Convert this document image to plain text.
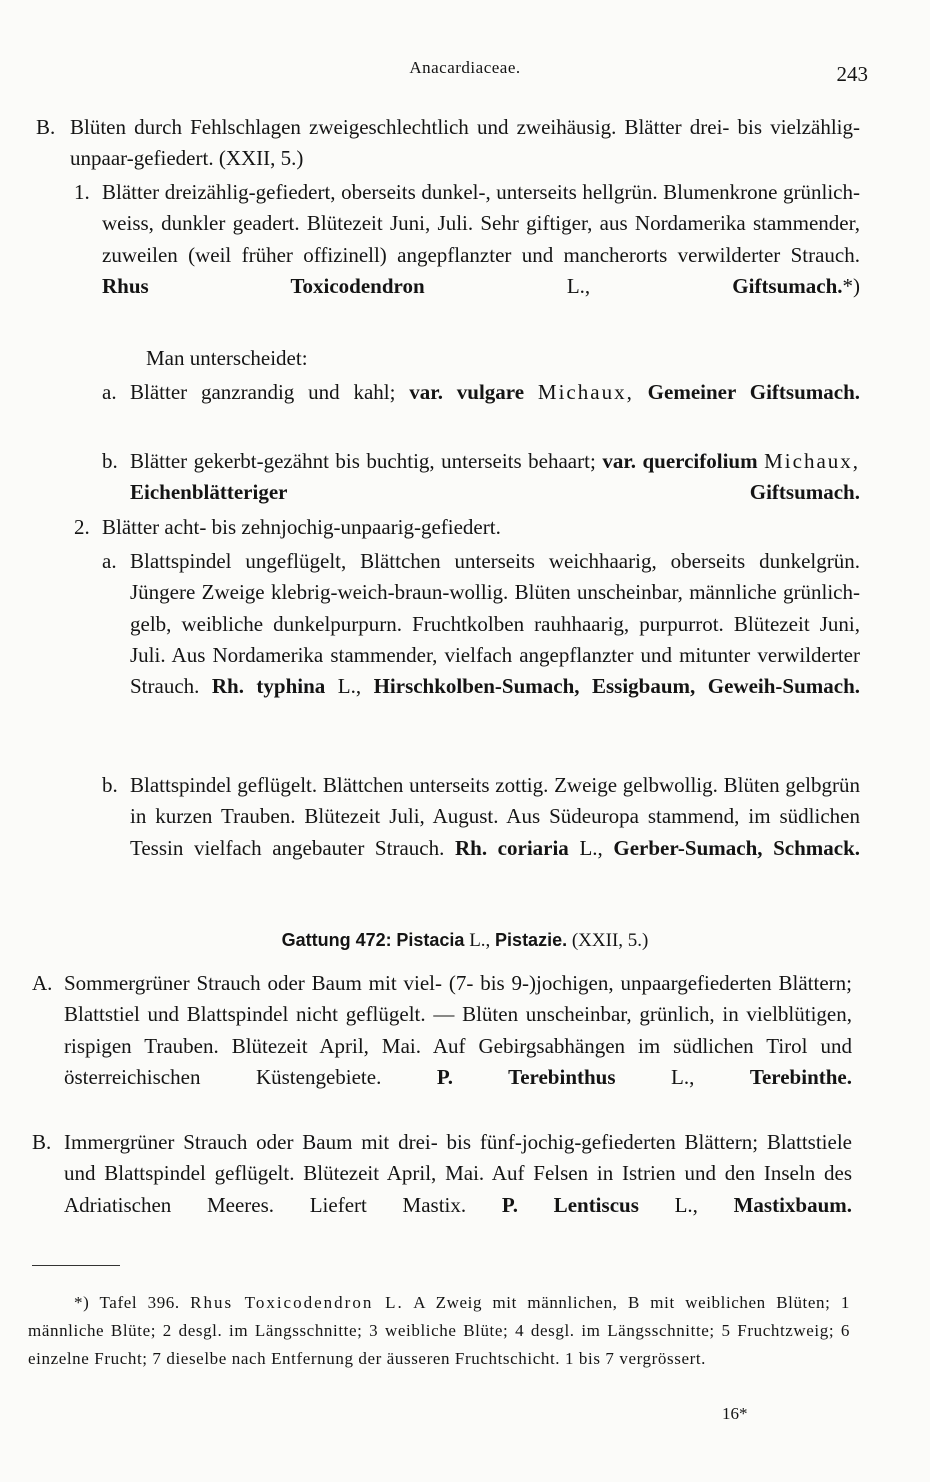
Anacardiaceae.	243
B. Blüten durch Fehlschlagen zweigeschlechtlich und zweihäusig. Blätter drei- bis vielzählig-unpaar-gefiedert. (XXII, 5.)
1. Blätter dreizählig-gefiedert, oberseits dunkel-, unterseits hellgrün. Blumenkrone grünlich-weiss, dunkler geadert. Blütezeit Juni, Juli. Sehr giftiger, aus Nordamerika stammender, zuweilen (weil früher offizinell) angepflanzter und mancherorts verwilderter Strauch. Rhus Toxicodendron	L.,	Giftsumach.*)
Man unterscheidet:
a. Blätter ganzrandig und kahl; var. vulgare Michaux, Gemeiner Giftsumach.
b. Blätter gekerbt-gezähnt bis buchtig, unterseits behaart; var. quercifolium Michaux, Eichenblätteriger Giftsumach.
2. Blätter acht- bis zehnjochig-unpaarig-gefiedert.
a. Blattspindel ungeflügelt, Blättchen unterseits weichhaarig, oberseits dunkelgrün. Jüngere Zweige klebrig-weich-braun-wollig. Blüten unscheinbar, männliche grünlich-gelb, weibliche dunkelpurpurn. Fruchtkolben rauhhaarig, purpurrot. Blütezeit Juni, Juli. Aus Nordamerika stammender, vielfach angepflanzter und mitunter verwilderter Strauch. Rh. typhina L., Hirschkolben-Sumach, Essigbaum, Geweih-Sumach.
b. Blattspindel geflügelt. Blättchen unterseits zottig. Zweige gelbwollig. Blüten gelbgrün in kurzen Trauben. Blütezeit Juli, August. Aus Südeuropa stammend, im südlichen Tessin vielfach angebauter Strauch. Rh. coriaria L., Gerber-Sumach, Schmack.
Gattung 472: Pistacia L., Pistazie. (XXII, 5.)
A. Sommergrüner Strauch oder Baum mit viel- (7- bis 9-)jochigen, unpaargefiederten Blättern; Blattstiel und Blattspindel nicht geflügelt. — Blüten unscheinbar, grünlich, in vielblütigen, rispigen Trauben. Blütezeit April, Mai. Auf Gebirgsabhängen im südlichen Tirol und österreichischen Küstengebiete.	P. Terebinthus	L.,	Terebinthe.
B. Immergrüner Strauch oder Baum mit drei- bis fünf-jochig-gefiederten Blättern; Blattstiele und Blattspindel geflügelt. Blütezeit April, Mai. Auf Felsen in Istrien und den Inseln des Adriatischen Meeres. Liefert Mastix. P. Lentiscus L., Mastixbaum.
*) Tafel 396. Rhus Toxicodendron L. A Zweig mit männlichen, B mit weiblichen Blüten; 1 männliche Blüte; 2 desgl. im Längsschnitte; 3 weibliche Blüte; 4 desgl. im Längsschnitte; 5 Fruchtzweig; 6 einzelne Frucht; 7 dieselbe nach Entfernung der äusseren Fruchtschicht. 1 bis 7 vergrössert.
16*
